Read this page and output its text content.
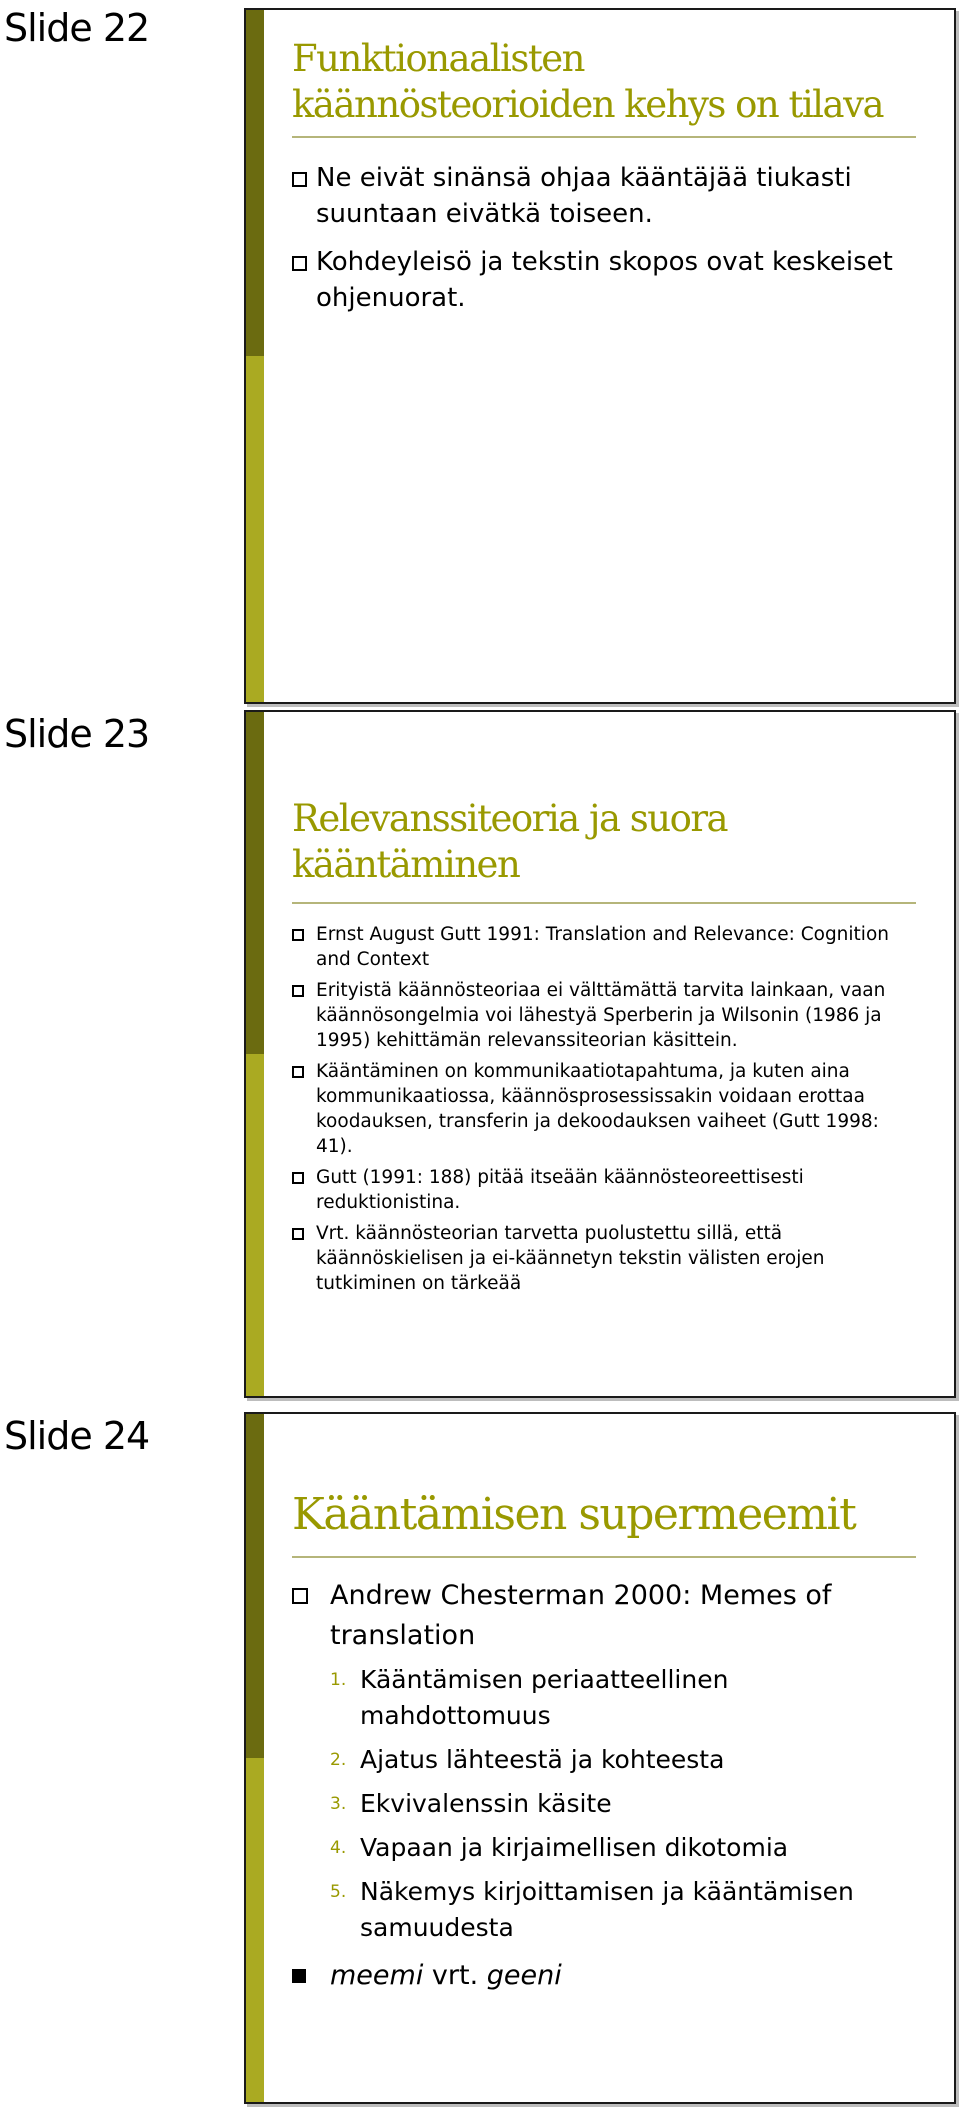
Slide 22
Funktionaalisten käännösteorioiden kehys on tilava
Ne eivät sinänsä ohjaa kääntäjää tiukasti suuntaan eivätkä toiseen.
Kohdeyleisö ja tekstin skopos ovat keskeiset ohjenuorat.
Slide 23
Relevanssiteoria ja suora kääntäminen
Ernst August Gutt 1991: Translation and Relevance: Cognition and Context
Erityistä käännösteoriaa ei välttämättä tarvita lainkaan, vaan käännösongelmia voi lähestyä Sperberin ja Wilsonin (1986 ja 1995) kehittämän relevanssiteorian käsittein.
Kääntäminen on kommunikaatiotapahtuma, ja kuten aina kommunikaatiossa, käännösprosessissakin voidaan erottaa koodauksen, transferin ja dekoodauksen vaiheet (Gutt 1998: 41).
Gutt (1991: 188) pitää itseään käännösteoreettisesti reduktionistina.
Vrt. käännösteorian tarvetta puolustettu sillä, että käännöskielisen ja ei-käännetyn tekstin välisten erojen tutkiminen on tärkeää
Slide 24
Kääntämisen supermeemit
Andrew Chesterman 2000: Memes of translation
1. Kääntämisen periaatteellinen mahdottomuus
2. Ajatus lähteestä ja kohteesta
3. Ekvivalenssin käsite
4. Vapaan ja kirjaimellisen dikotomia
5. Näkemys kirjoittamisen ja kääntämisen samuudesta
meemi vrt. geeni
